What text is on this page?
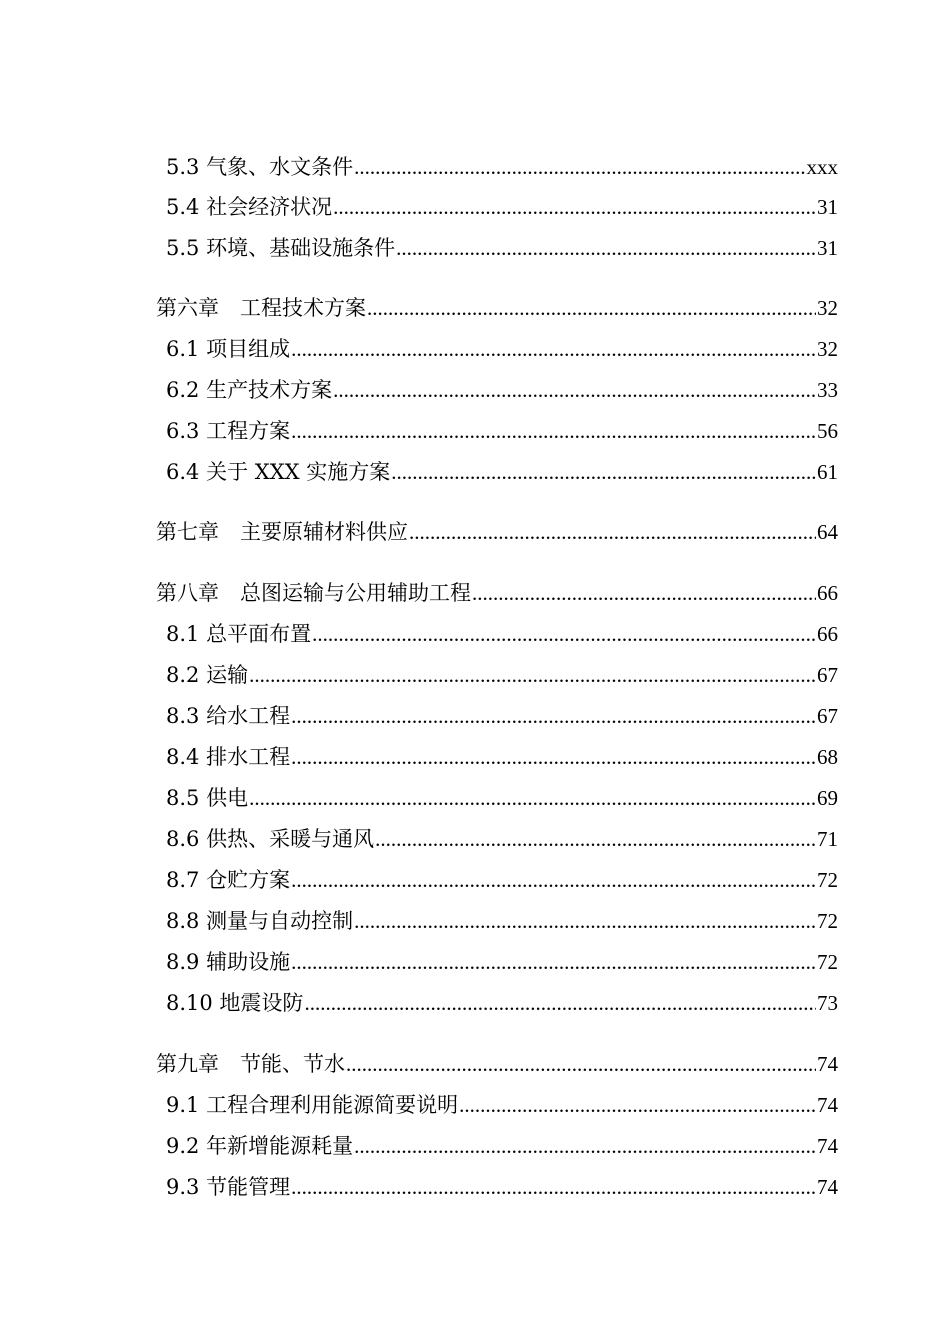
5.3 气象、水文条件 .....	xxx
5.4 社会经济状况 .....	31
5.5 环境、基础设施条件 .....	31
第六章　工程技术方案 .....	32
6.1 项目组成 .....	32
6.2 生产技术方案 .....	33
6.3 工程方案 .....	56
6.4 关于 XXX 实施方案 .....	61
第七章　主要原辅材料供应 .....	64
第八章　总图运输与公用辅助工程 .....	66
8.1 总平面布置 .....	66
8.2 运输 .....	67
8.3 给水工程 .....	67
8.4 排水工程 .....	68
8.5 供电 .....	69
8.6 供热、采暖与通风 .....	71
8.7 仓贮方案 .....	72
8.8 测量与自动控制 .....	72
8.9 辅助设施 .....	72
8.10 地震设防 .....	73
第九章　节能、节水 .....	74
9.1 工程合理利用能源简要说明 .....	74
9.2 年新增能源耗量 .....	74
9.3 节能管理 .....	74
